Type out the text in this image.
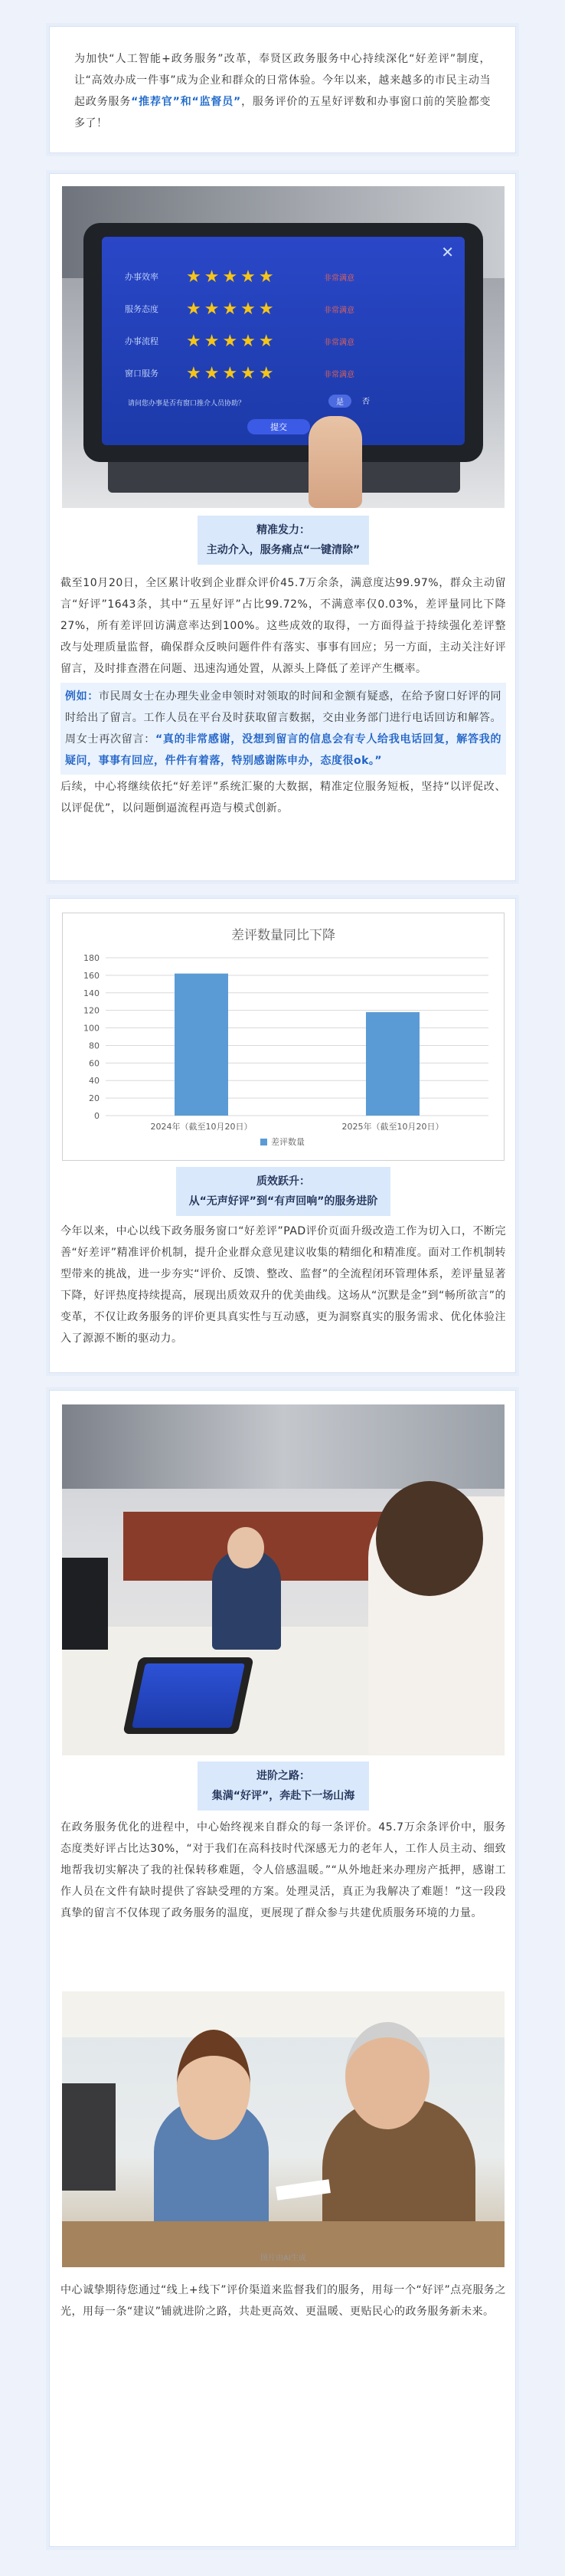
为加快“人工智能+政务服务”改革，奉贤区政务服务中心持续深化“好差评”制度，让“高效办成一件事”成为企业和群众的日常体验。今年以来，越来越多的市民主动当起政务服务“推荐官”和“监督员”，服务评价的五星好评数和办事窗口前的笑脸都变多了！

✕
办事效率 ★★★★★	非常满意
服务态度 ★★★★★	非常满意
办事流程 ★★★★★	非常满意
窗口服务 ★★★★★	非常满意
请问您办事是否有窗口推介人员协助？	是	否
提交
精准发力：
主动介入，服务痛点“一键清除”

截至10月20日，全区累计收到企业群众评价45.7万余条，满意度达99.97%，群众主动留言“好评”1643条，其中“五星好评”占比99.72%，不满意率仅0.03%，差评量同比下降27%，所有差评回访满意率达到100%。这些成效的取得，一方面得益于持续强化差评整改与处理质量监督，确保群众反映问题件件有落实、事事有回应；另一方面，主动关注好评留言，及时排查潜在问题、迅速沟通处置，从源头上降低了差评产生概率。

例如：市民周女士在办理失业金申领时对领取的时间和金额有疑惑，在给予窗口好评的同时给出了留言。工作人员在平台及时获取留言数据，交由业务部门进行电话回访和解答。周女士再次留言：“真的非常感谢，没想到留言的信息会有专人给我电话回复，解答我的疑问，事事有回应，件件有着落，特别感谢陈申办，态度很ok。”

后续，中心将继续依托“好差评”系统汇聚的大数据，精准定位服务短板，坚持“以评促改、以评促优”，以问题倒逼流程再造与模式创新。

差评数量同比下降
0
20
40
60
80
100
120
140
160
180
2024年（截至10月20日）	2025年（截至10月20日）
差评数量
质效跃升：
从“无声好评”到“有声回响”的服务进阶

今年以来，中心以线下政务服务窗口“好差评”PAD评价页面升级改造工作为切入口，不断完善“好差评”精准评价机制，提升企业群众意见建议收集的精细化和精准度。面对工作机制转型带来的挑战，进一步夯实“评价、反馈、整改、监督”的全流程闭环管理体系，差评量显著下降，好评热度持续提高，展现出质效双升的优美曲线。这场从“沉默是金”到“畅所欲言”的变革，不仅让政务服务的评价更具真实性与互动感，更为洞察真实的服务需求、优化体验注入了源源不断的驱动力。

进阶之路：
集满“好评”，奔赴下一场山海

在政务服务优化的进程中，中心始终视来自群众的每一条评价。45.7万余条评价中，服务态度类好评占比达30%，“对于我们在高科技时代深感无力的老年人，工作人员主动、细致地帮我切实解决了我的社保转移难题，令人倍感温暖。”“从外地赶来办理房产抵押，感谢工作人员在文件有缺时提供了容缺受理的方案。处理灵活，真正为我解决了难题！”这一段段真挚的留言不仅体现了政务服务的温度，更展现了群众参与共建优质服务环境的力量。

图片由AI生成

中心诚挚期待您通过“线上+线下”评价渠道来监督我们的服务，用每一个“好评”点亮服务之光，用每一条“建议”铺就进阶之路，共赴更高效、更温暖、更贴民心的政务服务新未来。
